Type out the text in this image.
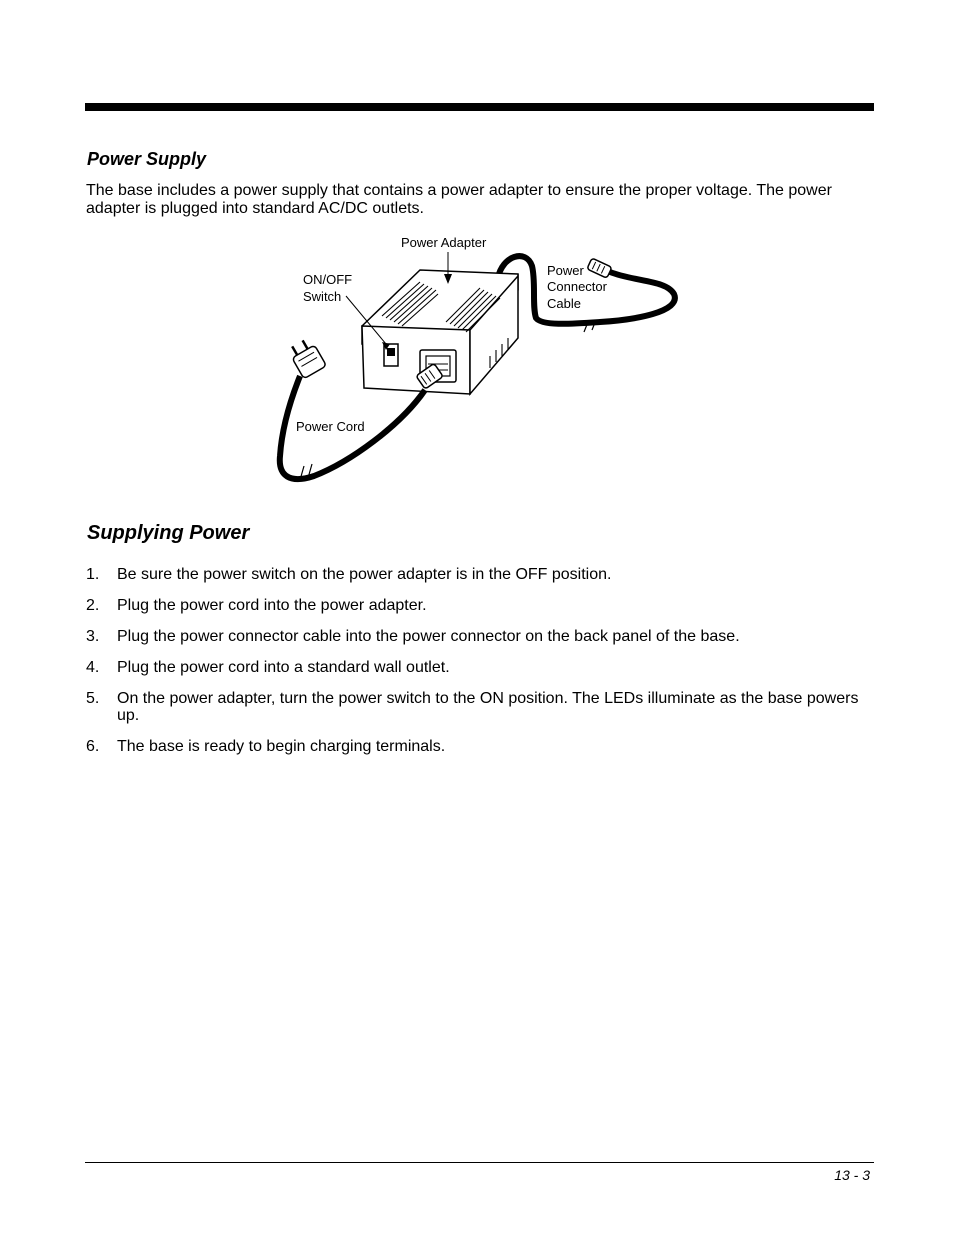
Power Supply

The base includes a power supply that contains a power adapter to ensure the proper voltage. The power adapter is plugged into standard AC/DC outlets.

Power Adapter
ON/OFF
Switch
Power
Connector
Cable
Power Cord
Supplying Power
1. Be sure the power switch on the power adapter is in the OFF position.
2. Plug the power cord into the power adapter.
3. Plug the power connector cable into the power connector on the back panel of the base.
4. Plug the power cord into a standard wall outlet.
5. On the power adapter, turn the power switch to the ON position. The LEDs illuminate as the base powers up.
6. The base is ready to begin charging terminals.
13 - 3
